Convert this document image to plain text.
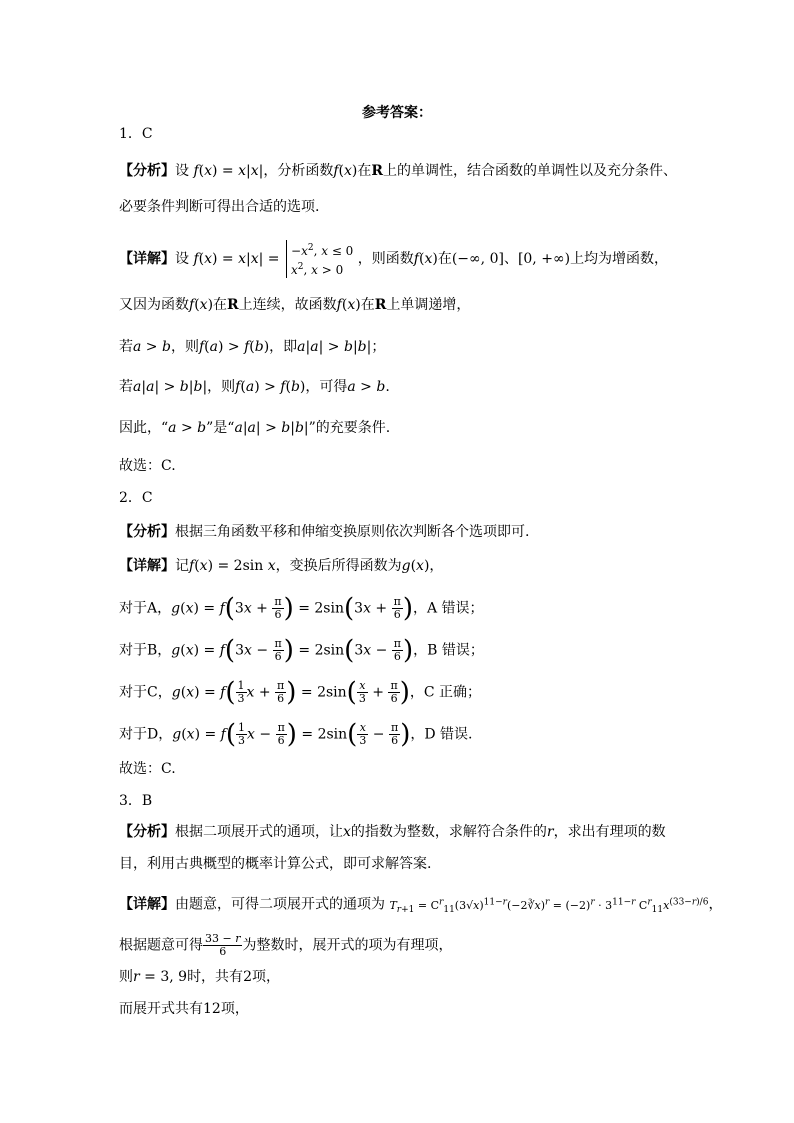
参考答案：
1．C
【分析】设 f(x) = x|x|，分析函数f(x)在R上的单调性，结合函数的单调性以及充分条件、
必要条件判断可得出合适的选项.
【详解】设 $f(x) = x|x| = -x^2$, x ≤ 0
$x^2$, x > 0 ，则函数f(x)在(−∞, 0]、[0, +∞)上均为增函数，
又因为函数f(x)在R上连续，故函数f(x)在R上单调递增，
若a > b，则f(a) > f(b)，即a|a| > b|b|；
若a|a| > b|b|，则f(a) > f(b)，可得a > b.
因此，“a > b”是“a|a| > b|b|”的充要条件.
故选：C.
2．C
【分析】根据三角函数平移和伸缩变换原则依次判断各个选项即可.
【详解】记f(x) = 2sin x，变换后所得函数为g(x)，
对于A，$g(x) = f(3x + \frac{\pi}{6}$ ) = $2\sin(3x + \frac{\pi}{6}$ )，A 错误；
对于B，$g(x) = f(3x - \frac{\pi}{6}$ ) = $2\sin(3x - \frac{\pi}{6}$ )，B 错误；
对于C，$g(x) = f( \frac{1}{3}$ $x + \frac{\pi}{6}$ ) = $2\sin( \frac{x}{3} + \frac{\pi}{6}$ )，C 正确；
对于D，$g(x) = f( \frac{1}{3}$ $x - \frac{\pi}{6}$ ) = $2\sin( \frac{x}{3} - \frac{\pi}{6}$ )，D 错误.
故选：C.
3．B
【分析】根据二项展开式的通项，让x的指数为整数，求解符合条件的r，求出有理项的数
目，利用古典概型的概率计算公式，即可求解答案.
【详解】由题意，可得二项展开式的通项为 $T_{r+1}$ = $C^r_{11}(3√x)^{11-r}(-2∛x)^r = (-2)^r \cdot 3^{11-r}$ $C^r_{11}x^{(33-r)/6}$，
根据题意可得 $\frac{33 - r}{6}$ 为整数时，展开式的项为有理项，
则r = 3, 9时，共有2项，
而展开式共有12项，
